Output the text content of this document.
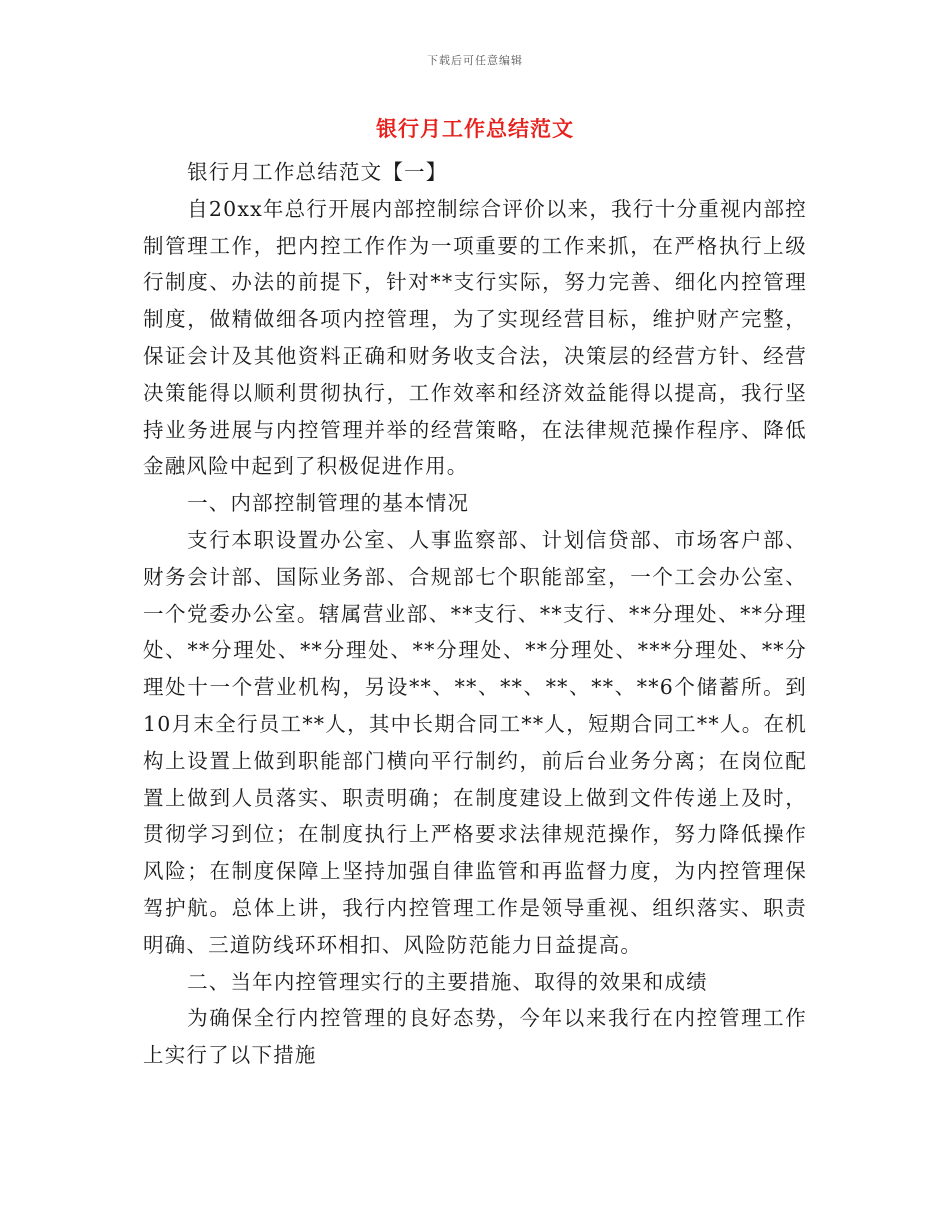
下载后可任意编辑
银行月工作总结范文

银行月工作总结范文【一】

自20xx年总行开展内部控制综合评价以来，我行十分重视内部控制管理工作，把内控工作作为一项重要的工作来抓，在严格执行上级行制度、办法的前提下，针对**支行实际，努力完善、细化内控管理制度，做精做细各项内控管理，为了实现经营目标，维护财产完整，保证会计及其他资料正确和财务收支合法，决策层的经营方针、经营决策能得以顺利贯彻执行，工作效率和经济效益能得以提高，我行坚持业务进展与内控管理并举的经营策略，在法律规范操作程序、降低金融风险中起到了积极促进作用。

一、内部控制管理的基本情况

支行本职设置办公室、人事监察部、计划信贷部、市场客户部、财务会计部、国际业务部、合规部七个职能部室，一个工会办公室、一个党委办公室。辖属营业部、**支行、**支行、**分理处、**分理处、**分理处、**分理处、**分理处、**分理处、***分理处、**分理处十一个营业机构，另设**、**、**、**、**、**6个储蓄所。到10月末全行员工**人，其中长期合同工**人，短期合同工**人。在机构上设置上做到职能部门横向平行制约，前后台业务分离；在岗位配置上做到人员落实、职责明确；在制度建设上做到文件传递上及时，贯彻学习到位；在制度执行上严格要求法律规范操作，努力降低操作风险；在制度保障上坚持加强自律监管和再监督力度，为内控管理保驾护航。总体上讲，我行内控管理工作是领导重视、组织落实、职责明确、三道防线环环相扣、风险防范能力日益提高。

二、当年内控管理实行的主要措施、取得的效果和成绩

为确保全行内控管理的良好态势，今年以来我行在内控管理工作上实行了以下措施
